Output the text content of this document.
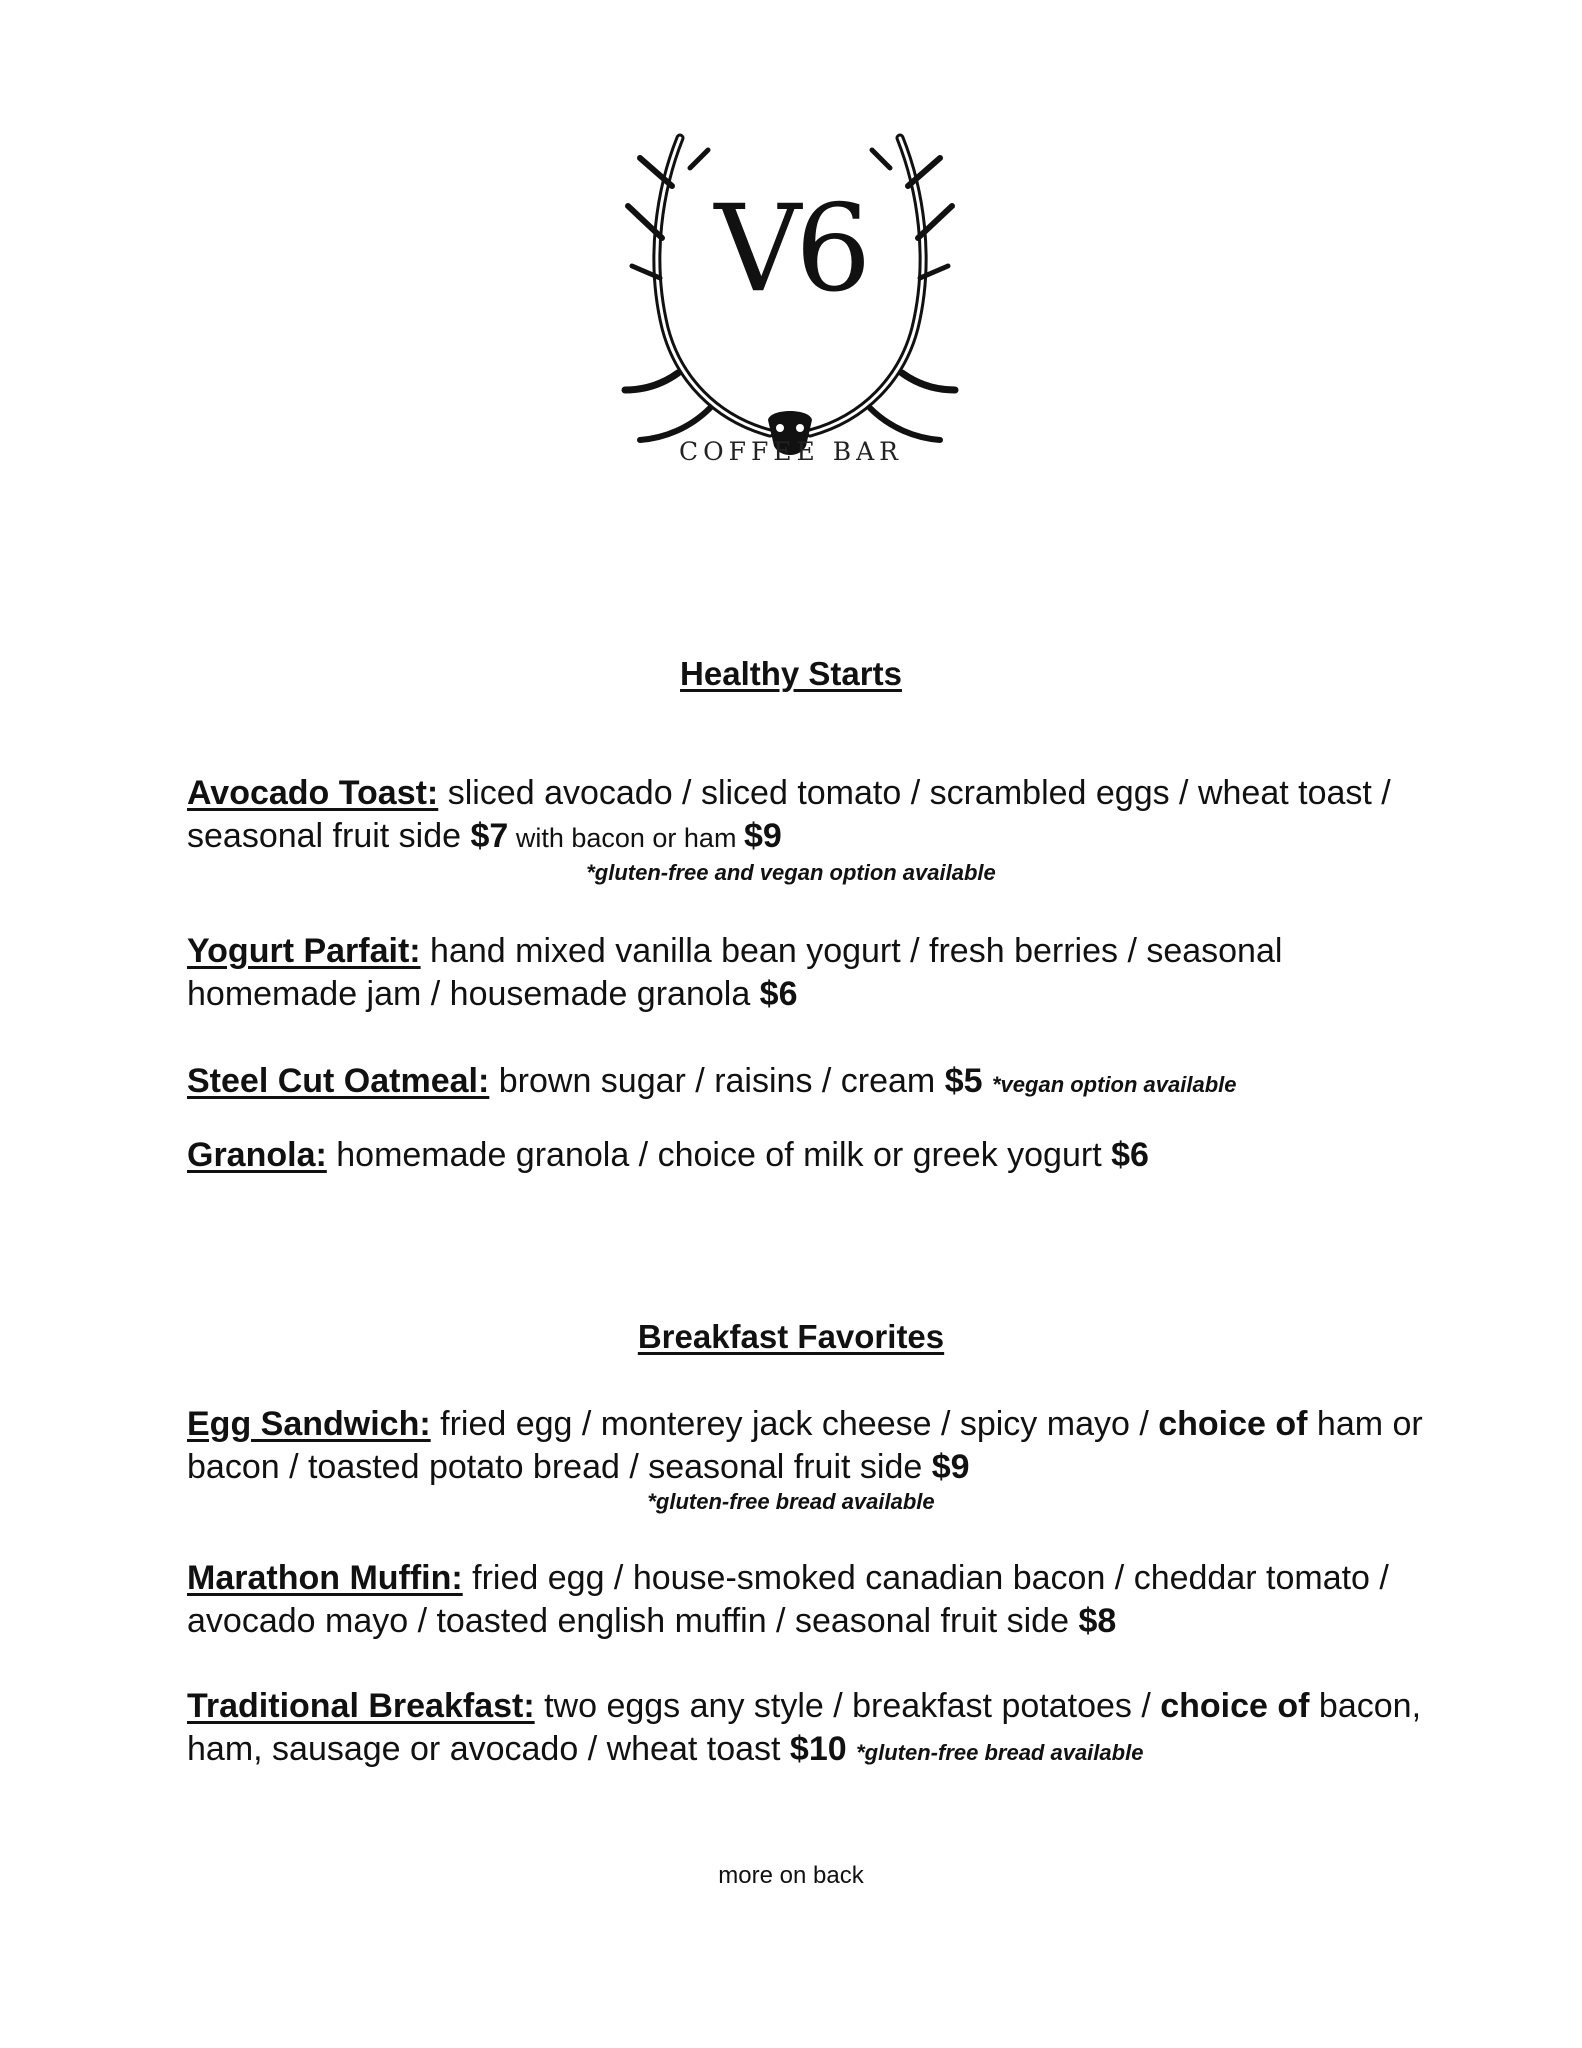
COFFEE BAR
V6
Healthy Starts
Avocado Toast: sliced avocado / sliced tomato / scrambled eggs / wheat toast / seasonal fruit side $7 with bacon or ham $9
*gluten-free and vegan option available
Yogurt Parfait: hand mixed vanilla bean yogurt / fresh berries / seasonal homemade jam / housemade granola $6
Steel Cut Oatmeal: brown sugar / raisins / cream $5 *vegan option available
Granola: homemade granola / choice of milk or greek yogurt $6
Breakfast Favorites
Egg Sandwich: fried egg / monterey jack cheese / spicy mayo / choice of ham or bacon / toasted potato bread / seasonal fruit side $9
*gluten-free bread available
Marathon Muffin: fried egg / house-smoked canadian bacon / cheddar tomato / avocado mayo / toasted english muffin / seasonal fruit side $8
Traditional Breakfast: two eggs any style / breakfast potatoes / choice of bacon, ham, sausage or avocado / wheat toast $10 *gluten-free bread available
more on back
